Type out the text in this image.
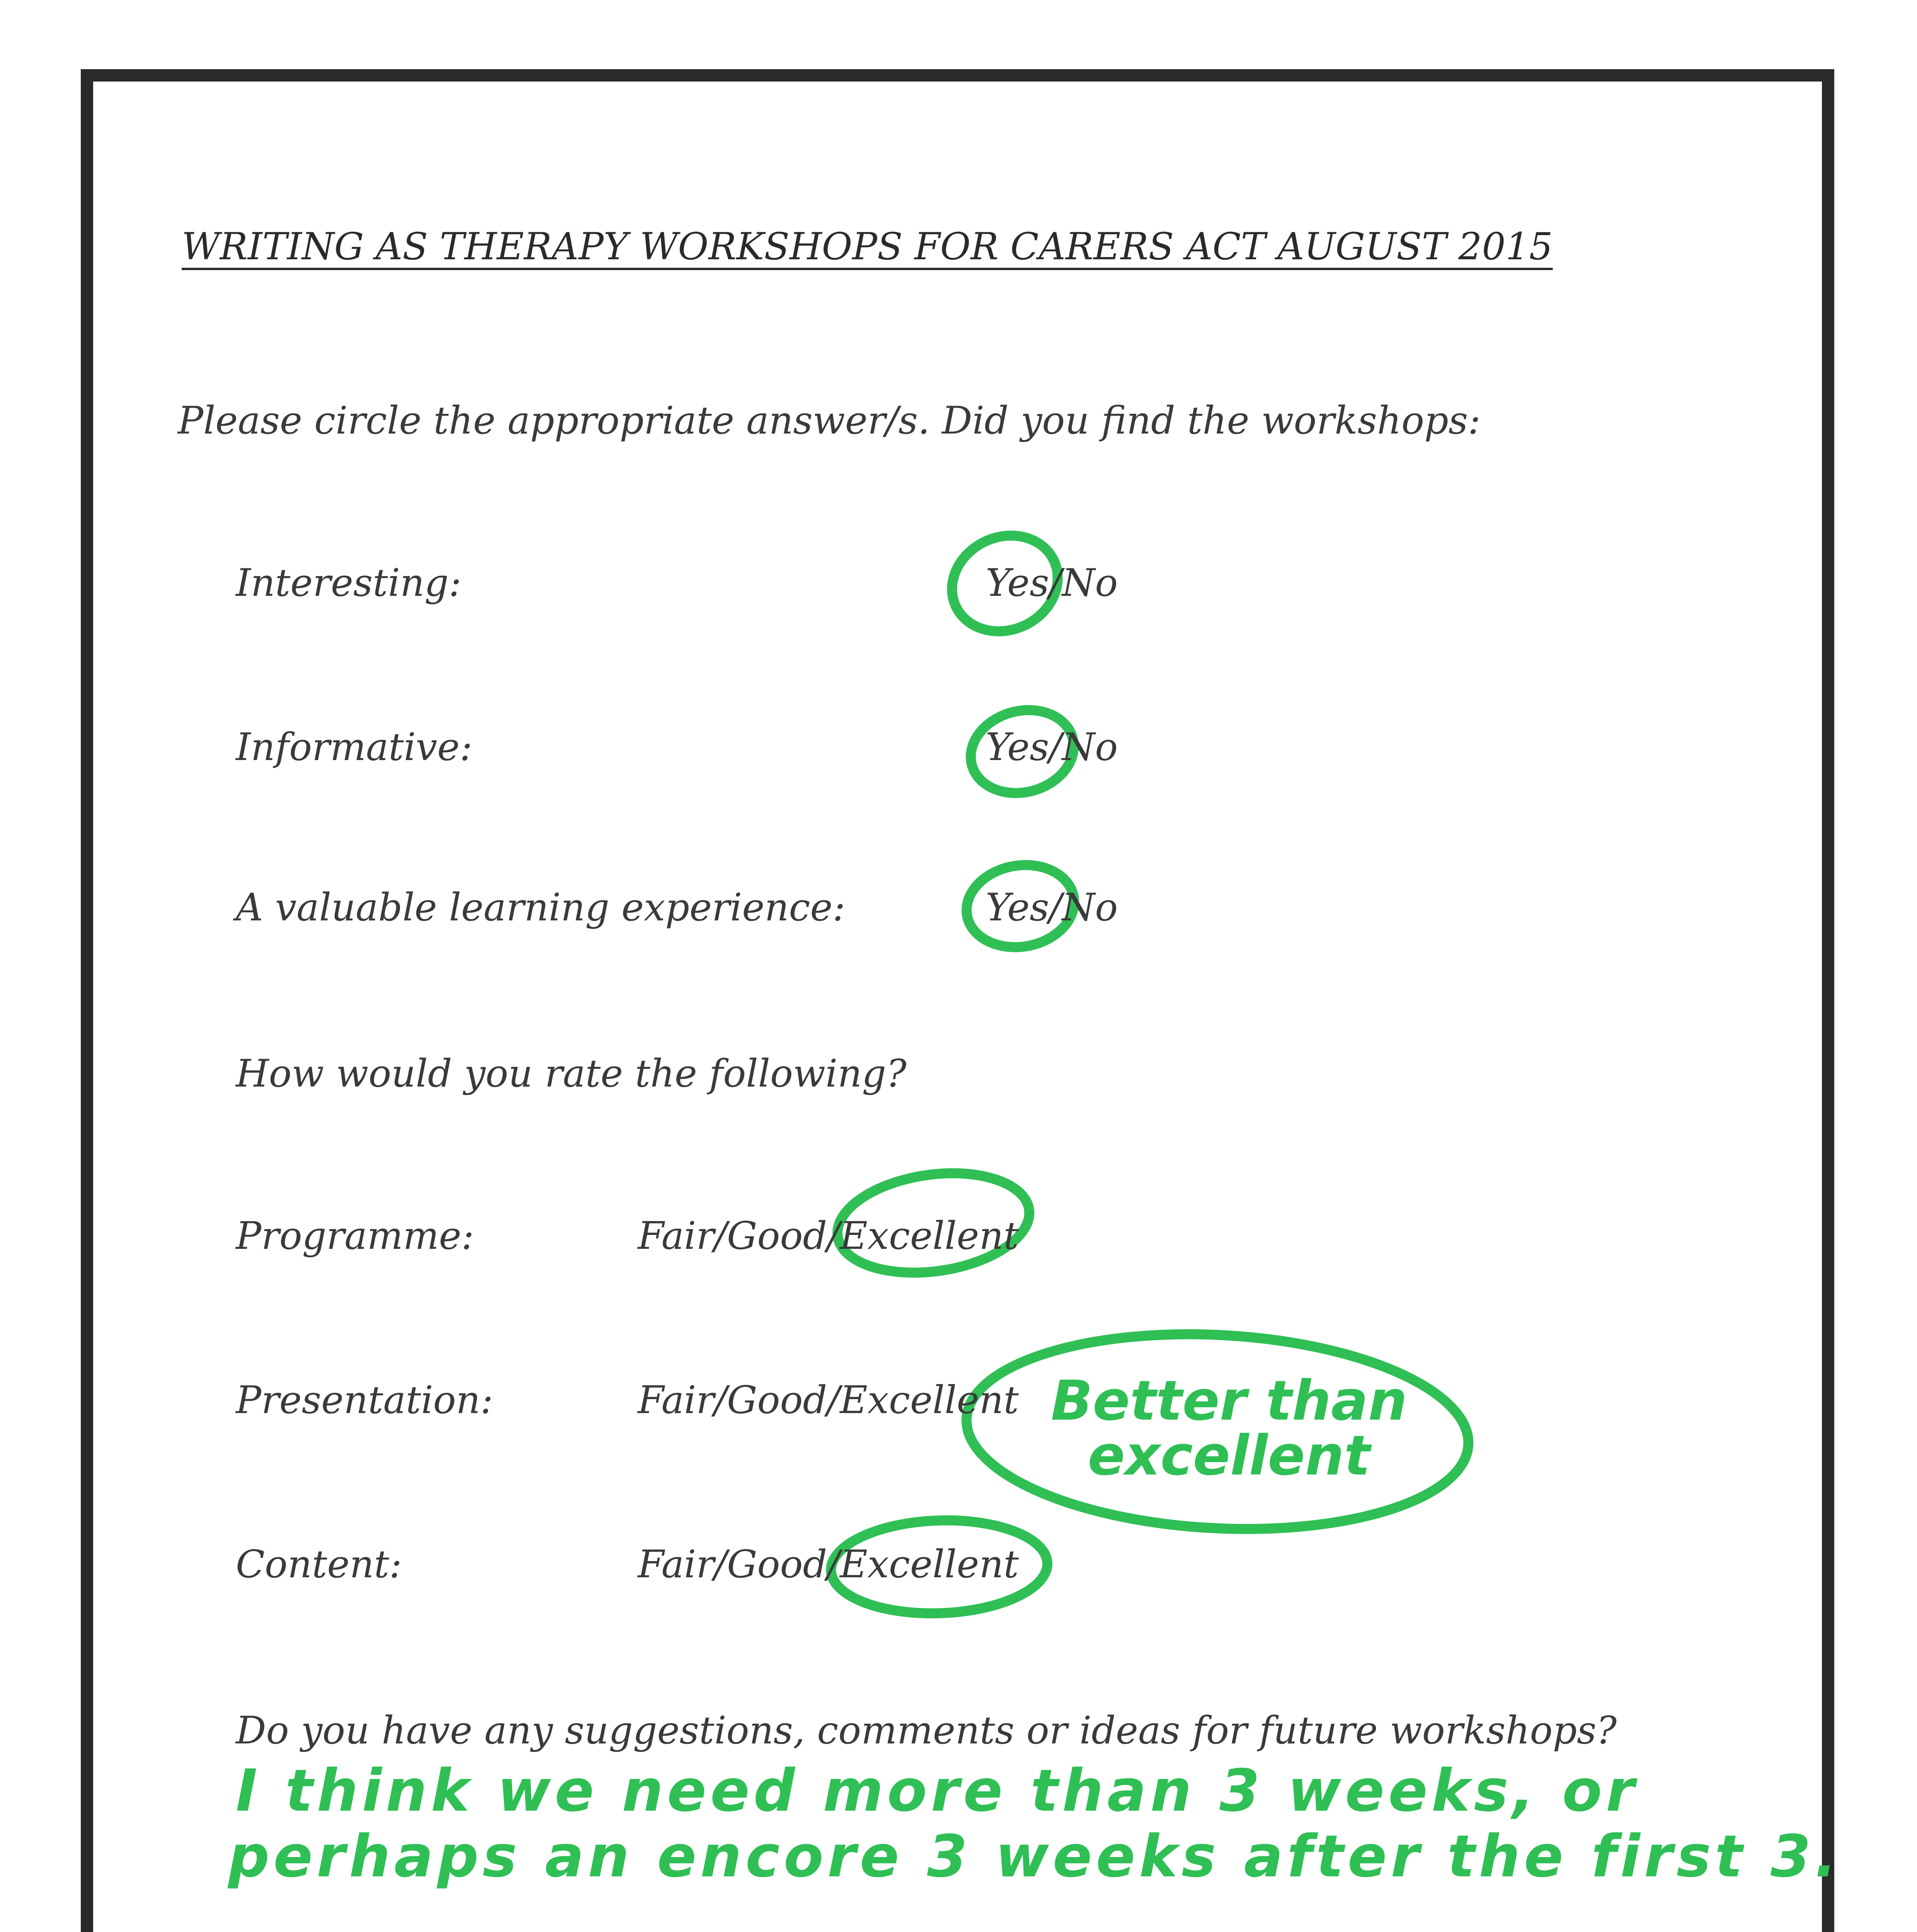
WRITING AS THERAPY WORKSHOPS FOR CARERS ACT AUGUST 2015
Please circle the appropriate answer/s. Did you find the workshops:
Interesting:	Yes/No
Informative:	Yes/No
A valuable learning experience:	Yes/No
How would you rate the following?
Programme:	Fair/Good/Excellent
Presentation:	Fair/Good/Excellent
Content:	Fair/Good/Excellent
Better than
excellent
Do you have any suggestions, comments or ideas for future workshops?
I think we need more than 3 weeks, or
perhaps an encore 3 weeks after the first 3.
